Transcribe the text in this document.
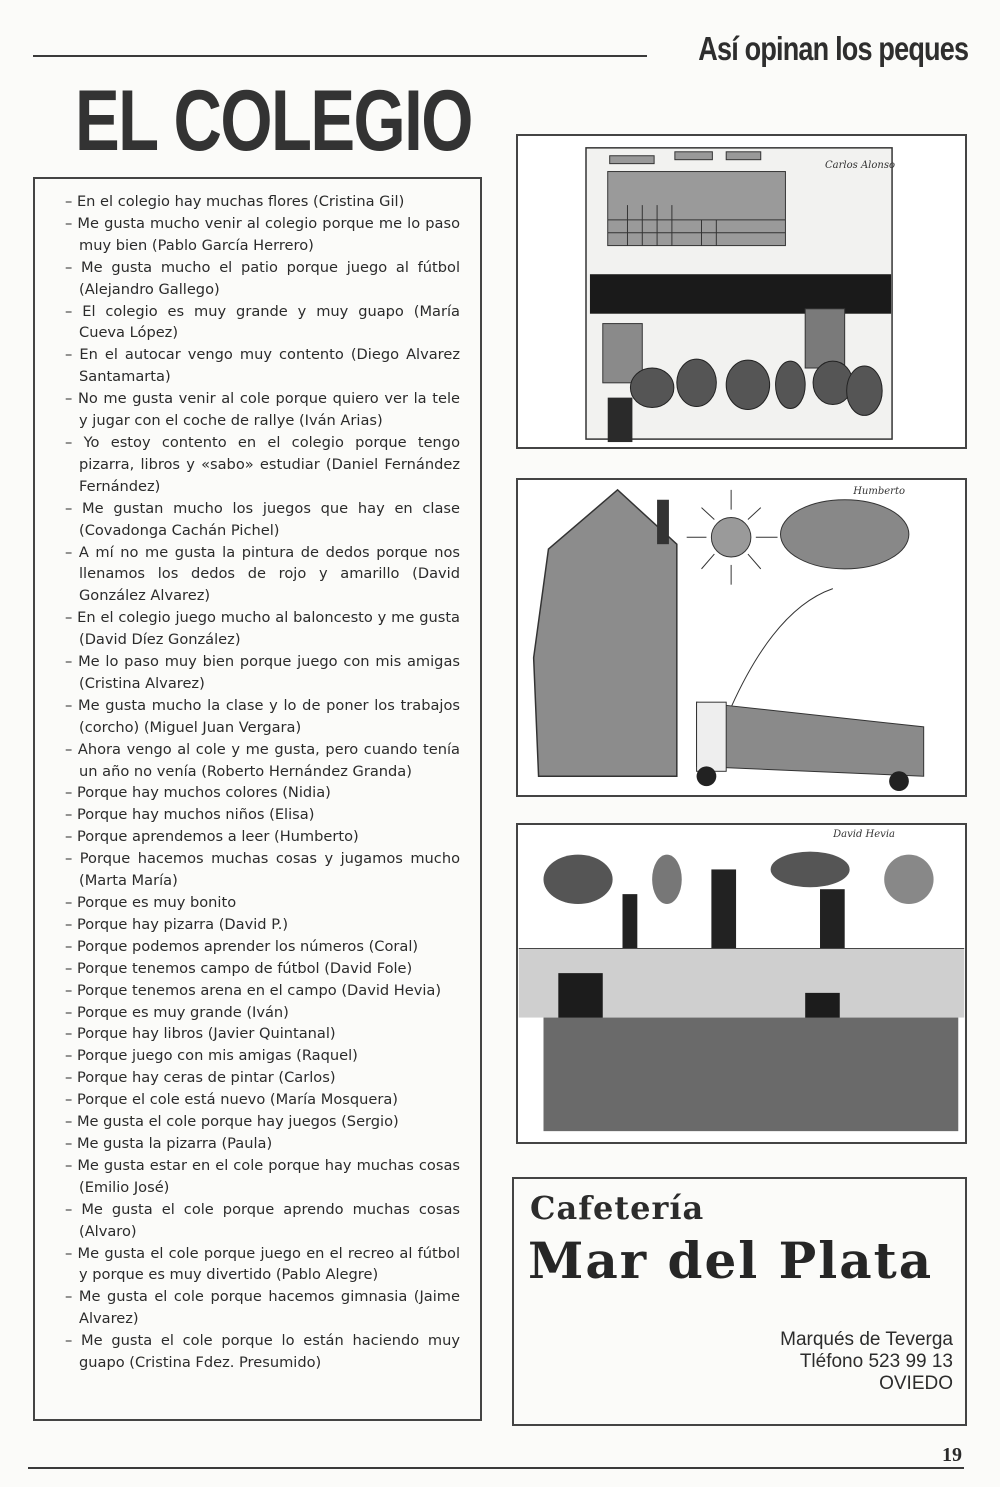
Así opinan los peques
EL COLEGIO
– En el colegio hay muchas flores (Cristina Gil)
– Me gusta mucho venir al colegio porque me lo paso muy bien (Pablo García Herrero)
– Me gusta mucho el patio porque juego al fútbol (Alejandro Gallego)
– El colegio es muy grande y muy guapo (María Cueva López)
– En el autocar vengo muy contento (Diego Alvarez Santamarta)
– No me gusta venir al cole porque quiero ver la tele y jugar con el coche de rallye (Iván Arias)
– Yo estoy contento en el colegio porque tengo pizarra, libros y «sabo» estudiar (Daniel Fernández Fernández)
– Me gustan mucho los juegos que hay en clase (Covadonga Cachán Pichel)
– A mí no me gusta la pintura de dedos porque nos llenamos los dedos de rojo y amarillo (David González Alvarez)
– En el colegio juego mucho al baloncesto y me gusta (David Díez González)
– Me lo paso muy bien porque juego con mis amigas (Cristina Alvarez)
– Me gusta mucho la clase y lo de poner los trabajos (corcho) (Miguel Juan Vergara)
– Ahora vengo al cole y me gusta, pero cuando tenía un año no venía (Roberto Hernández Granda)
– Porque hay muchos colores (Nidia)
– Porque hay muchos niños (Elisa)
– Porque aprendemos a leer (Humberto)
– Porque hacemos muchas cosas y jugamos mucho (Marta María)
– Porque es muy bonito
– Porque hay pizarra (David P.)
– Porque podemos aprender los números (Coral)
– Porque tenemos campo de fútbol (David Fole)
– Porque tenemos arena en el campo (David Hevia)
– Porque es muy grande (Iván)
– Porque hay libros (Javier Quintanal)
– Porque juego con mis amigas (Raquel)
– Porque hay ceras de pintar (Carlos)
– Porque el cole está nuevo (María Mosquera)
– Me gusta el cole porque hay juegos (Sergio)
– Me gusta la pizarra (Paula)
– Me gusta estar en el cole porque hay muchas cosas (Emilio José)
– Me gusta el cole porque aprendo muchas cosas (Alvaro)
– Me gusta el cole porque juego en el recreo al fútbol y porque es muy divertido (Pablo Alegre)
– Me gusta el cole porque hacemos gimnasia (Jaime Alvarez)
– Me gusta el cole porque lo están haciendo muy guapo (Cristina Fdez. Presumido)
Carlos Alonso
Humberto
David Hevia
Cafetería
Mar del Plata
Marqués de Teverga
Tléfono 523 99 13
OVIEDO
19
